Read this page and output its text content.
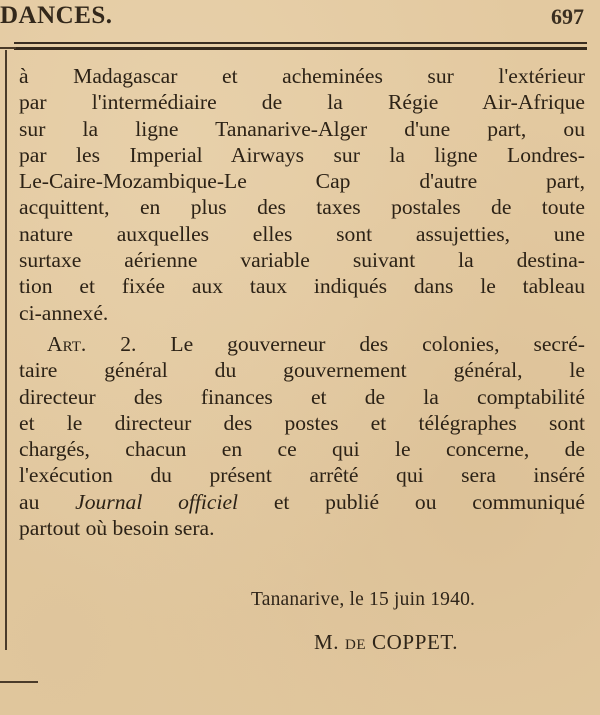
DANCES.	697
à Madagascar et acheminées sur l'extérieur
par l'intermédiaire de la Régie Air-Afrique
sur la ligne Tananarive-Alger d'une part, ou
par les Imperial Airways sur la ligne Londres-
Le-Caire-Mozambique-Le Cap d'autre part,
acquittent, en plus des taxes postales de toute
nature auxquelles elles sont assujetties, une
surtaxe aérienne variable suivant la destina-
tion et fixée aux taux indiqués dans le tableau
ci-annexé.
Art. 2. Le gouverneur des colonies, secré-
taire général du gouvernement général, le
directeur des finances et de la comptabilité
et le directeur des postes et télégraphes sont
chargés, chacun en ce qui le concerne, de
l'exécution du présent arrêté qui sera inséré
au Journal officiel et publié ou communiqué
partout où besoin sera.
Tananarive, le 15 juin 1940.
M. de COPPET.
